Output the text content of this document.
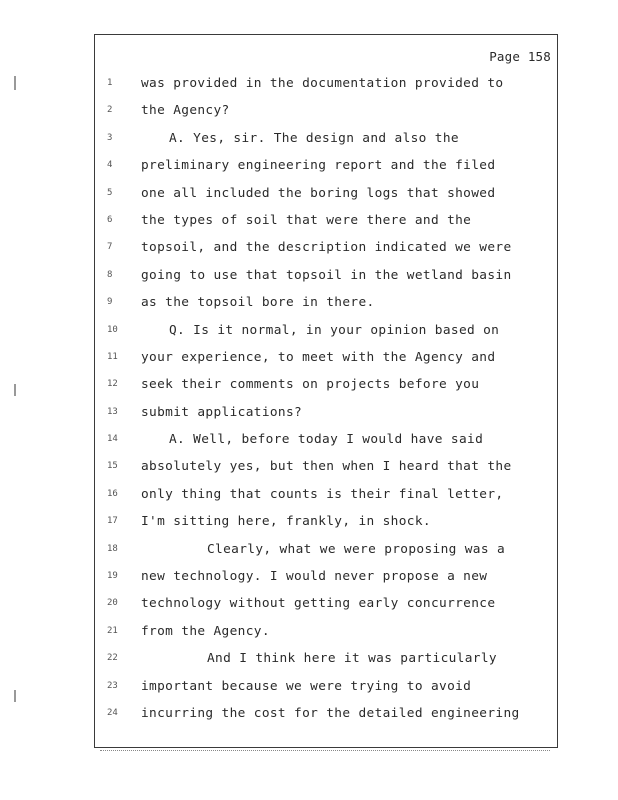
Page 158
1	was provided in the documentation provided to
2	the Agency?
3	A. Yes, sir. The design and also the
4	preliminary engineering report and the filed
5	one all included the boring logs that showed
6	the types of soil that were there and the
7	topsoil, and the description indicated we were
8	going to use that topsoil in the wetland basin
9	as the topsoil bore in there.
10	Q. Is it normal, in your opinion based on
11	your experience, to meet with the Agency and
12	seek their comments on projects before you
13	submit applications?
14	A. Well, before today I would have said
15	absolutely yes, but then when I heard that the
16	only thing that counts is their final letter,
17	I'm sitting here, frankly, in shock.
18	Clearly, what we were proposing was a
19	new technology. I would never propose a new
20	technology without getting early concurrence
21	from the Agency.
22	And I think here it was particularly
23	important because we were trying to avoid
24	incurring the cost for the detailed engineering
